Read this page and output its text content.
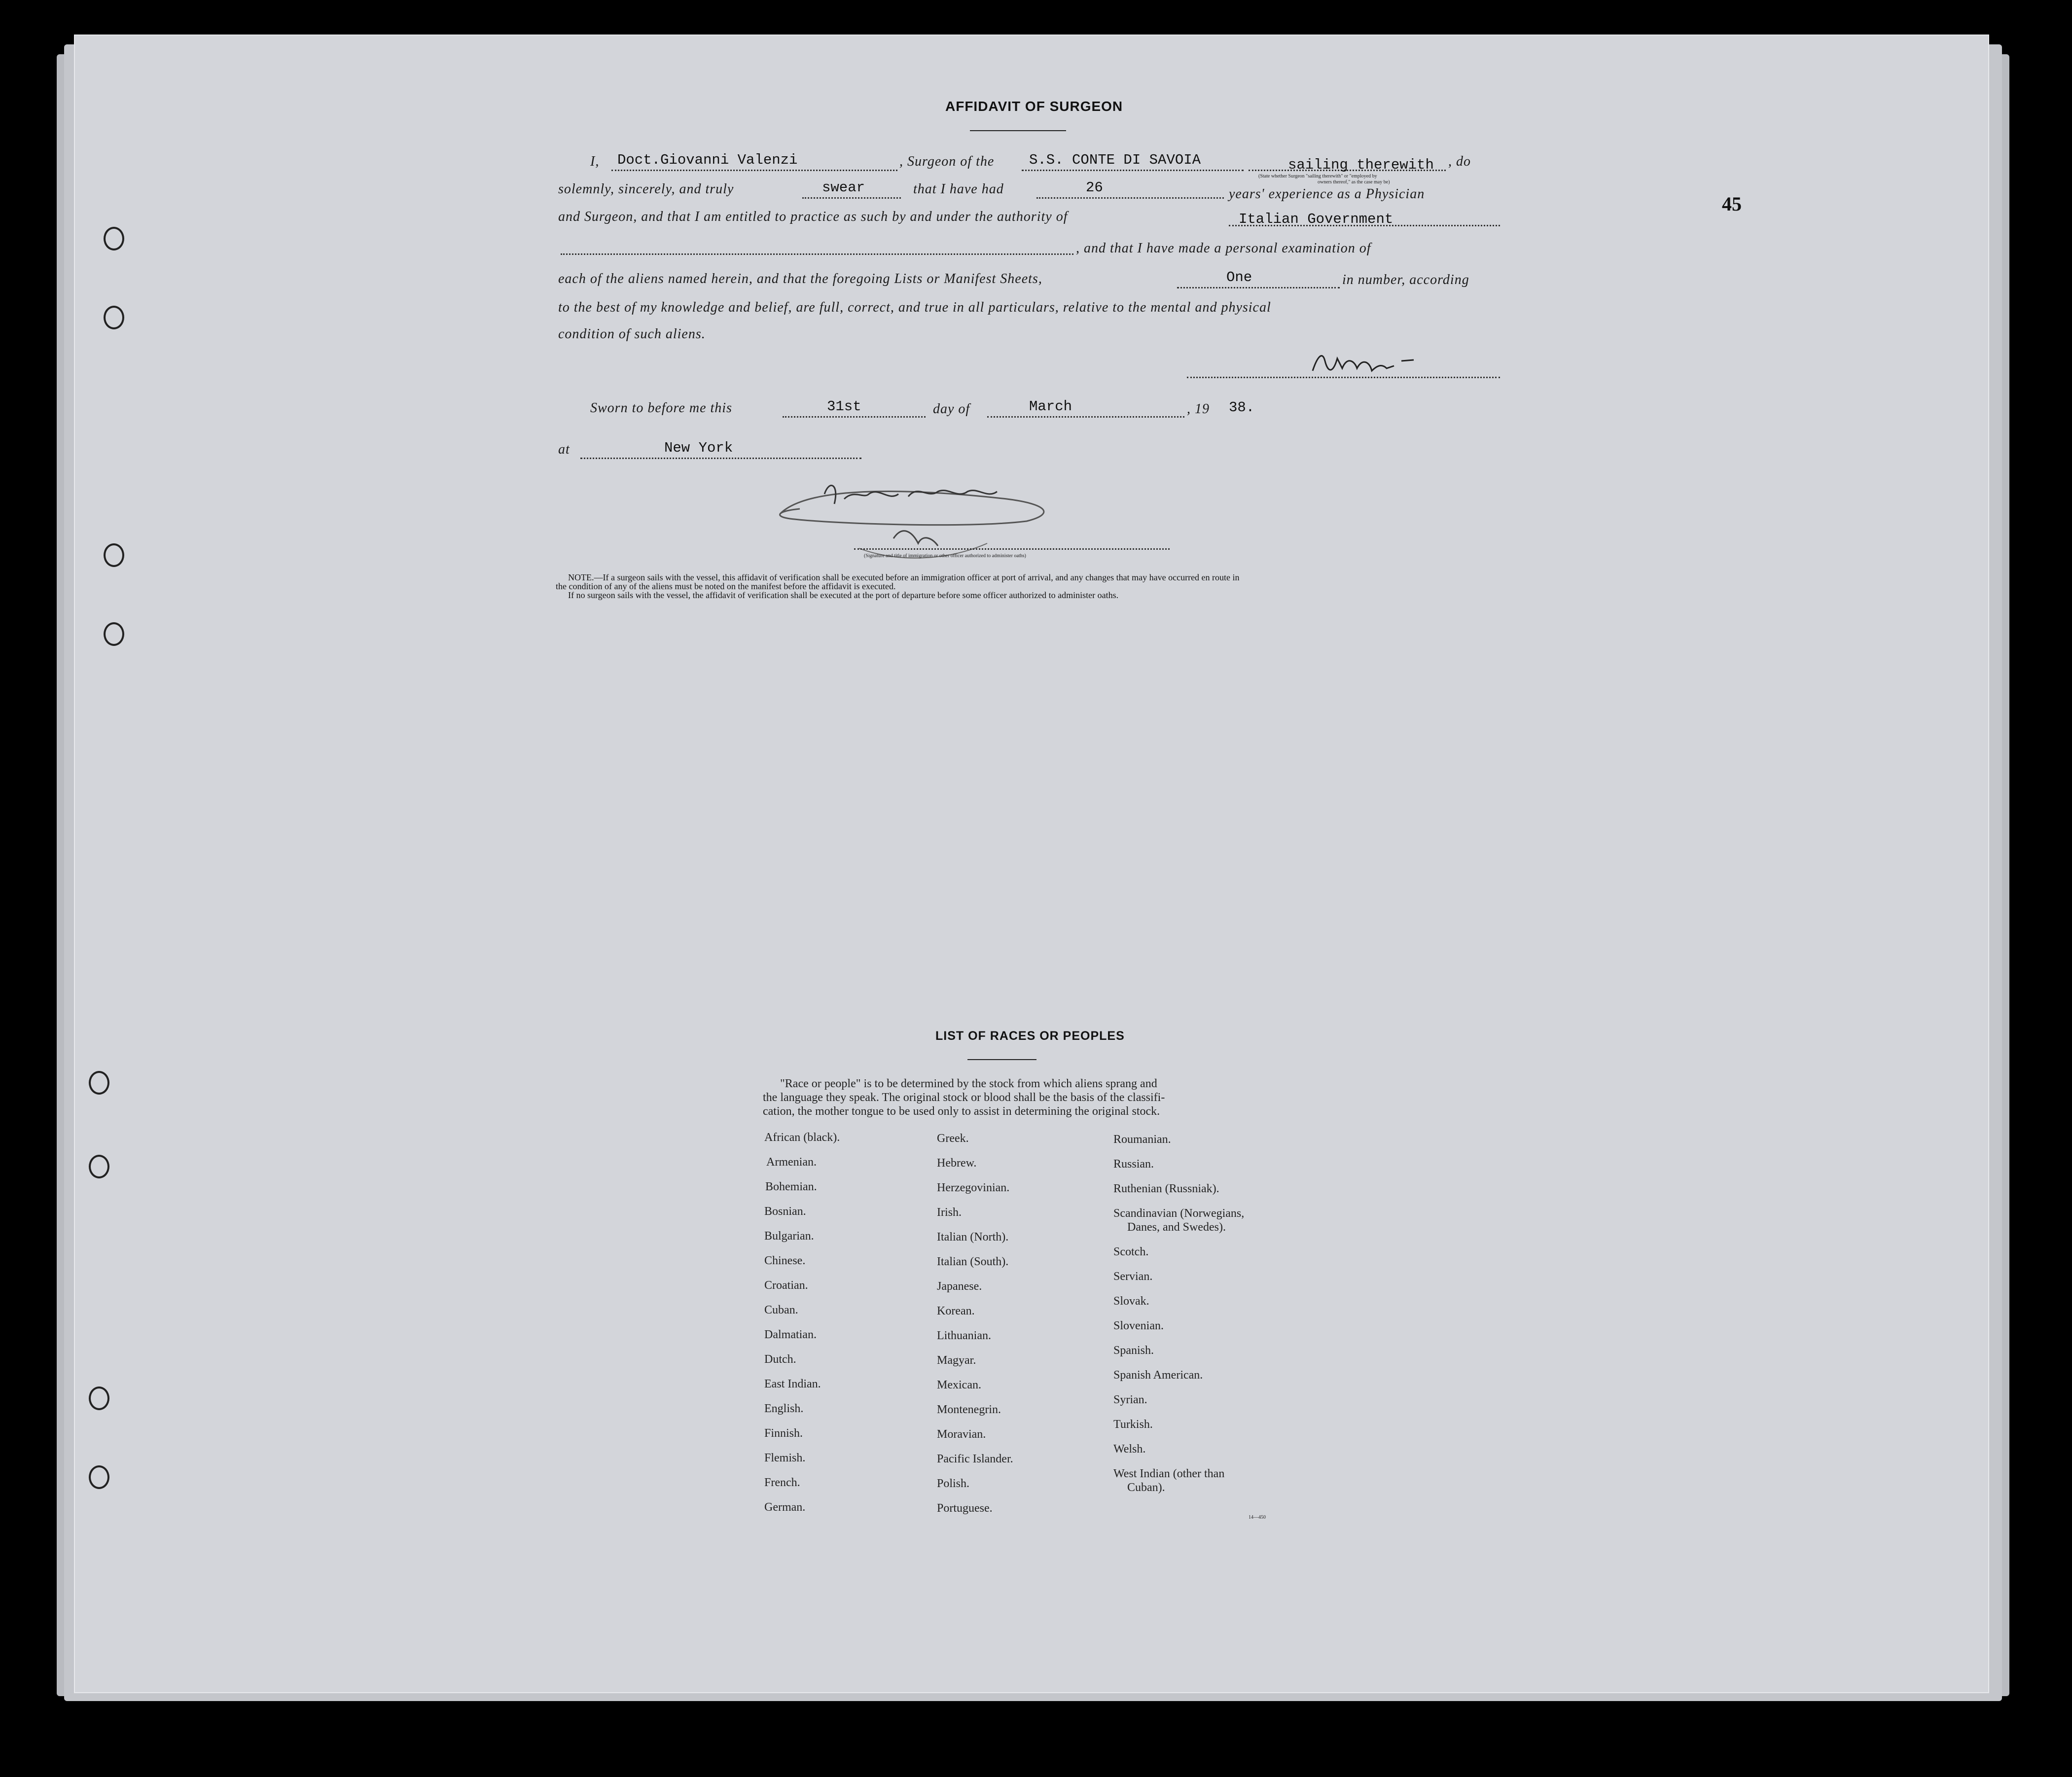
45
AFFIDAVIT OF SURGEON
I, Doct.Giovanni Valenzi	, Surgeon of the S.S. CONTE DI SAVOIA	sailing therewith , do
(State whether Surgeon "sailing therewith" or "employed by
owners thereof," as the case may be)
solemnly, sincerely, and truly	swear	that I have had	26	years' experience as a Physician
and Surgeon, and that I am entitled to practice as such by and under the authority of	Italian Government
, and that I have made a personal examination of
each of the aliens named herein, and that the foregoing Lists or Manifest Sheets,	One	in number, according
to the best of my knowledge and belief, are full, correct, and true in all particulars, relative to the mental and physical
condition of such aliens.
Sworn to before me this	31st	day of	March	, 19 38.
at	New York
(Signature and title of immigration or other officer authorized to administer oaths)
NOTE.—If a surgeon sails with the vessel, this affidavit of verification shall be executed before an immigration officer at port of arrival, and any changes that may have occurred en route in
the condition of any of the aliens must be noted on the manifest before the affidavit is executed.
If no surgeon sails with the vessel, the affidavit of verification shall be executed at the port of departure before some officer authorized to administer oaths.
LIST OF RACES OR PEOPLES
"Race or people" is to be determined by the stock from which aliens sprang and
the language they speak. The original stock or blood shall be the basis of the classifi-
cation, the mother tongue to be used only to assist in determining the original stock.
African (black).
Armenian.
Bohemian.
Bosnian.
Bulgarian.
Chinese.
Croatian.
Cuban.
Dalmatian.
Dutch.
East Indian.
English.
Finnish.
Flemish.
French.
German.
Greek.
Hebrew.
Herzegovinian.
Irish.
Italian (North).
Italian (South).
Japanese.
Korean.
Lithuanian.
Magyar.
Mexican.
Montenegrin.
Moravian.
Pacific Islander.
Polish.
Portuguese.
Roumanian.
Russian.
Ruthenian (Russniak).
Scandinavian (Norwegians,
Danes, and Swedes).
Scotch.
Servian.
Slovak.
Slovenian.
Spanish.
Spanish American.
Syrian.
Turkish.
Welsh.
West Indian (other than
Cuban).
14—450
